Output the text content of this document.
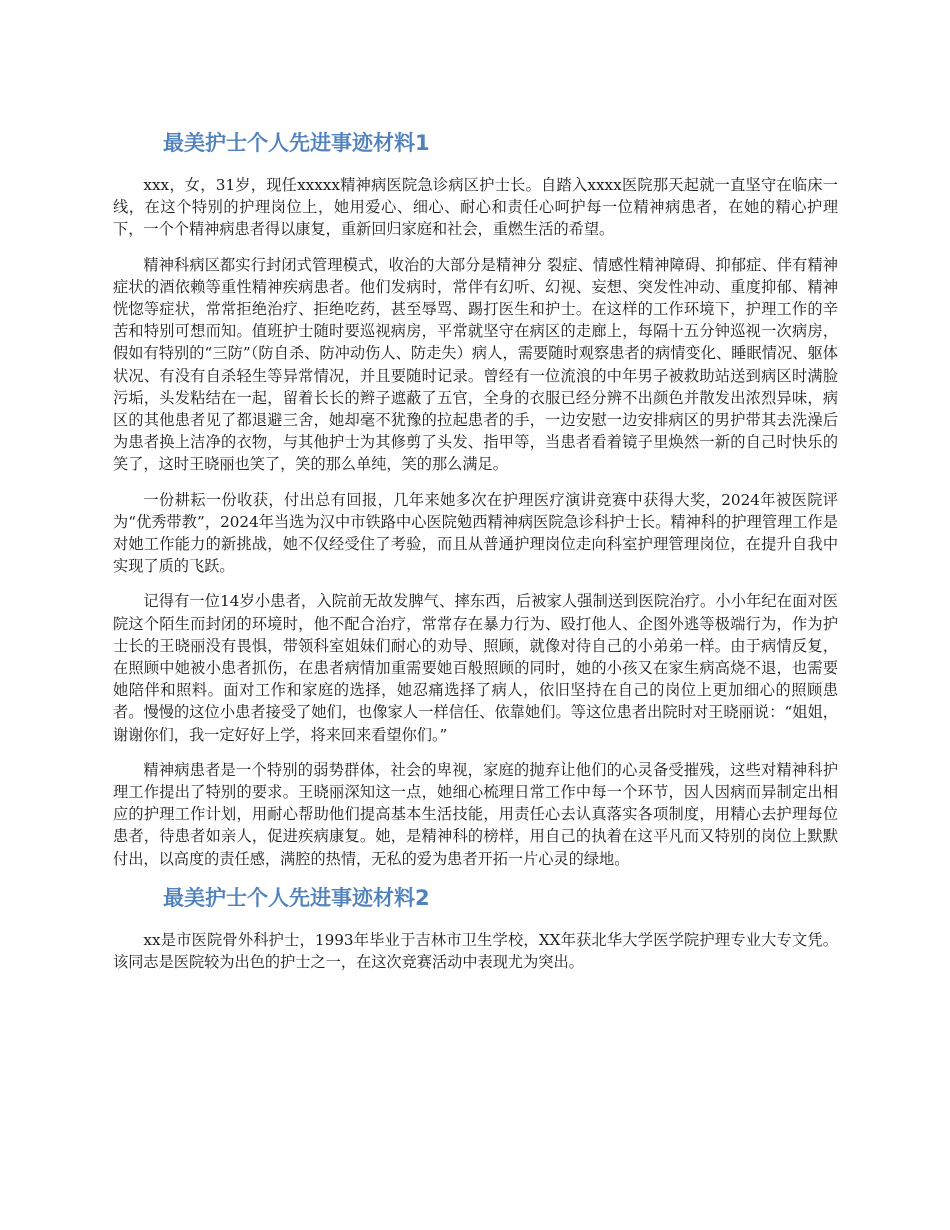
最美护士个人先进事迹材料1

xxx，女，31岁，现任xxxxx精神病医院急诊病区护士长。自踏入xxxx医院那天起就一直坚守在临床一线，在这个特别的护理岗位上，她用爱心、细心、耐心和责任心呵护每一位精神病患者，在她的精心护理下，一个个精神病患者得以康复，重新回归家庭和社会，重燃生活的希望。

精神科病区都实行封闭式管理模式，收治的大部分是精神分 裂症、情感性精神障碍、抑郁症、伴有精神症状的酒依赖等重性精神疾病患者。他们发病时，常伴有幻听、幻视、妄想、突发性冲动、重度抑郁、精神恍惚等症状，常常拒绝治疗、拒绝吃药，甚至辱骂、踢打医生和护士。在这样的工作环境下，护理工作的辛苦和特别可想而知。值班护士随时要巡视病房，平常就坚守在病区的走廊上，每隔十五分钟巡视一次病房，假如有特别的“三防”（防自杀、防冲动伤人、防走失）病人，需要随时观察患者的病情变化、睡眠情况、躯体状况、有没有自杀轻生等异常情况，并且要随时记录。曾经有一位流浪的中年男子被救助站送到病区时满脸污垢，头发粘结在一起，留着长长的辫子遮蔽了五官，全身的衣服已经分辨不出颜色并散发出浓烈异味，病区的其他患者见了都退避三舍，她却毫不犹豫的拉起患者的手，一边安慰一边安排病区的男护带其去洗澡后为患者换上洁净的衣物，与其他护士为其修剪了头发、指甲等，当患者看着镜子里焕然一新的自己时快乐的笑了，这时王晓丽也笑了，笑的那么单纯，笑的那么满足。

一份耕耘一份收获，付出总有回报，几年来她多次在护理医疗演讲竞赛中获得大奖，2024年被医院评为“优秀带教”，2024年当选为汉中市铁路中心医院勉西精神病医院急诊科护士长。精神科的护理管理工作是对她工作能力的新挑战，她不仅经受住了考验，而且从普通护理岗位走向科室护理管理岗位，在提升自我中实现了质的飞跃。

记得有一位14岁小患者，入院前无故发脾气、摔东西，后被家人强制送到医院治疗。小小年纪在面对医院这个陌生而封闭的环境时，他不配合治疗，常常存在暴力行为、殴打他人、企图外逃等极端行为，作为护士长的王晓丽没有畏惧，带领科室姐妹们耐心的劝导、照顾，就像对待自己的小弟弟一样。由于病情反复，在照顾中她被小患者抓伤，在患者病情加重需要她百般照顾的同时，她的小孩又在家生病高烧不退，也需要她陪伴和照料。面对工作和家庭的选择，她忍痛选择了病人，依旧坚持在自己的岗位上更加细心的照顾患者。慢慢的这位小患者接受了她们，也像家人一样信任、依靠她们。等这位患者出院时对王晓丽说：“姐姐，谢谢你们，我一定好好上学，将来回来看望你们。”

精神病患者是一个特别的弱势群体，社会的卑视，家庭的抛弃让他们的心灵备受摧残，这些对精神科护理工作提出了特别的要求。王晓丽深知这一点，她细心梳理日常工作中每一个环节，因人因病而异制定出相应的护理工作计划，用耐心帮助他们提高基本生活技能，用责任心去认真落实各项制度，用精心去护理每位患者，待患者如亲人，促进疾病康复。她，是精神科的榜样，用自己的执着在这平凡而又特别的岗位上默默付出，以高度的责任感，满腔的热情，无私的爱为患者开拓一片心灵的绿地。

最美护士个人先进事迹材料2

xx是市医院骨外科护士，1993年毕业于吉林市卫生学校，XX年获北华大学医学院护理专业大专文凭。该同志是医院较为出色的护士之一，在这次竞赛活动中表现尤为突出。
